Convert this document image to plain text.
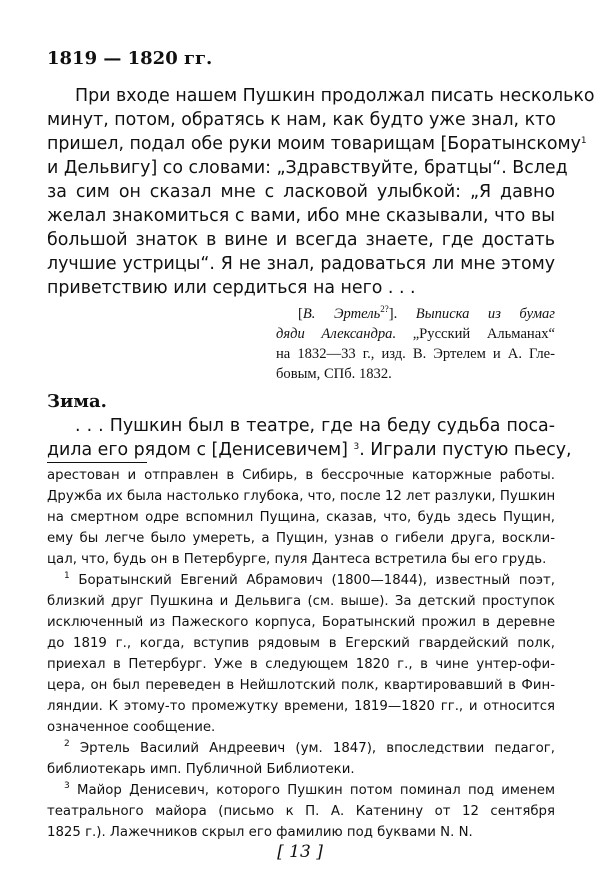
1819 — 1820 гг.
При входе нашем Пушкин продолжал писать несколько
минут, потом, обратясь к нам, как будто уже знал, кто
пришел, подал обе руки моим товарищам [Боратынскому$^1$
и Дельвигу] со словами: „Здравствуйте, братцы“. Вслед
за сим он сказал мне с ласковой улыбкой: „Я давно
желал знакомиться с вами, ибо мне сказывали, что вы
большой знаток в вине и всегда знаете, где достать
лучшие устрицы“. Я не знал, радоваться ли мне этому
приветствию или сердиться на него . . .
[В. Эртель$^{2?}$]. Выписка из бумаг
дяди Александра. „Русский Альманах“
на 1832—33 г., изд. В. Эртелем и А. Гле-
бовым, СПб. 1832.
Зима.
. . . Пушкин был в театре, где на беду судьба поса-
дила его рядом с [Денисевичем] $^3$. Играли пустую пьесу,
арестован и отправлен в Сибирь, в бессрочные каторжные работы.
Дружба их была настолько глубока, что, после 12 лет разлуки, Пушкин
на смертном одре вспомнил Пущина, сказав, что, будь здесь Пущин,
ему бы легче было умереть, а Пущин, узнав о гибели друга, воскли-
цал, что, будь он в Петербурге, пуля Дантеса встретила бы его грудь.
$^1$ Боратынский Евгений Абрамович (1800—1844), известный поэт,
близкий друг Пушкина и Дельвига (см. выше). За детский проступок
исключенный из Пажеского корпуса, Боратынский прожил в деревне
до 1819 г., когда, вступив рядовым в Егерский гвардейский полк,
приехал в Петербург. Уже в следующем 1820 г., в чине унтер-офи-
цера, он был переведен в Нейшлотский полк, квартировавший в Фин-
ляндии. К этому-то промежутку времени, 1819—1820 гг., и относится
означенное сообщение.
$^2$ Эртель Василий Андреевич (ум. 1847), впоследствии педагог,
библиотекарь имп. Публичной Библиотеки.
$^3$ Майор Денисевич, которого Пушкин потом поминал под именем
театрального майора (письмо к П. А. Катенину от 12 сентября
1825 г.). Лажечников скрыл его фамилию под буквами N. N.
[ 13 ]
